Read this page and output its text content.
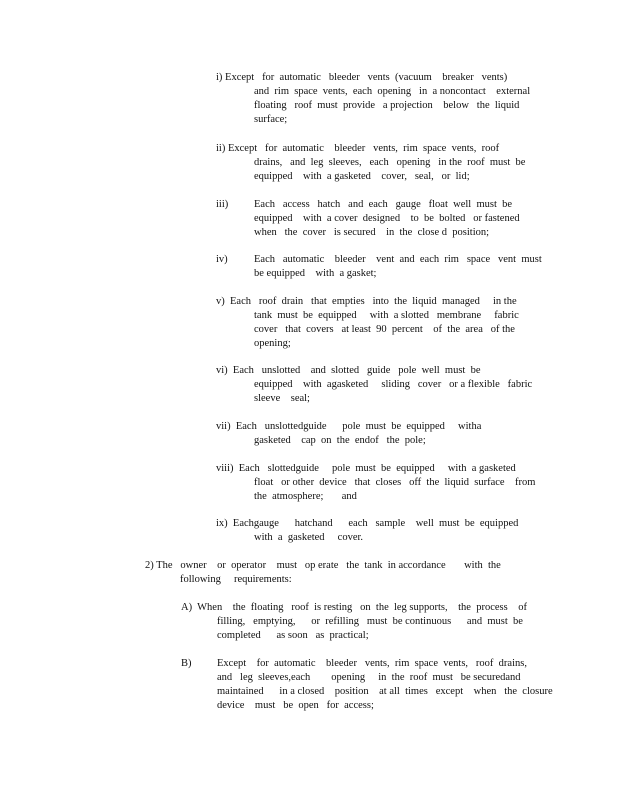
i) Except   for  automatic   bleeder   vents  (vacuum    breaker   vents)
and  rim  space  vents,  each  opening   in  a noncontact    external
floating   roof  must  provide   a projection    below   the  liquid
surface;
ii) Except   for  automatic    bleeder   vents,  rim  space  vents,  roof
drains,   and  leg  sleeves,   each   opening   in the  roof  must  be
equipped    with  a gasketed    cover,   seal,   or  lid;
iii) Each   access   hatch   and  each   gauge   float  well  must  be
equipped    with  a cover  designed    to  be  bolted   or fastened
when   the  cover   is secured    in  the  close d  position;
iv)	Each   automatic    bleeder    vent  and  each  rim   space   vent  must
be equipped    with  a gasket;
v)  Each   roof  drain   that  empties   into  the  liquid  managed     in the
tank  must  be  equipped     with  a slotted   membrane     fabric
cover   that  covers   at least  90  percent    of  the  area   of the
opening;
vi)  Each   unslotted    and  slotted   guide   pole  well  must  be
equipped    with  agasketed     sliding   cover   or a flexible   fabric
sleeve    seal;
vii)  Each   unslottedguide      pole  must  be  equipped     witha
gasketed    cap  on  the  endof   the  pole;
viii)  Each   slottedguide     pole  must  be  equipped     with  a gasketed
float   or other  device   that  closes   off  the  liquid  surface    from
the  atmosphere;       and
ix)  Eachgauge      hatchand      each   sample    well  must  be  equipped
with  a  gasketed     cover.
2) The   owner    or  operator    must   op erate   the  tank  in accordance       with  the
following     requirements:
A)  When    the  floating   roof  is resting   on  the  leg supports,    the  process    of
filling,   emptying,      or  refilling   must  be continuous      and  must  be
completed      as soon   as  practical;
B) Except    for  automatic    bleeder   vents,  rim  space  vents,   roof  drains,
and   leg  sleeves,each        opening     in  the  roof  must   be securedand
maintained      in a closed    position    at all  times   except    when   the  closure
device    must   be  open   for  access;
